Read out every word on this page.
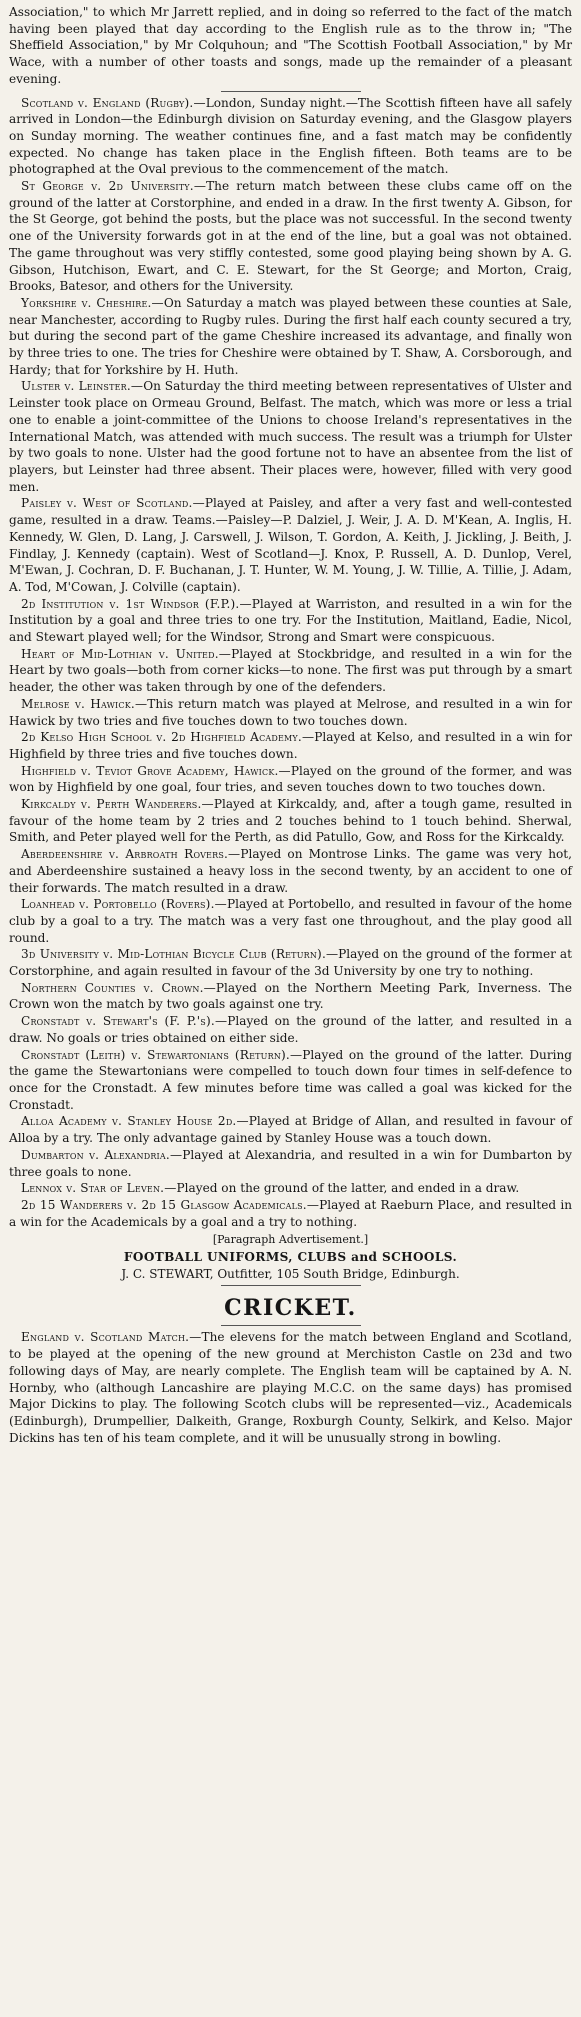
Association," to which Mr Jarrett replied, and in doing so referred to the fact of the match having been played that day according to the English rule as to the throw in; "The Sheffield Association," by Mr Colquhoun; and "The Scottish Football Association," by Mr Wace, with a number of other toasts and songs, made up the remainder of a pleasant evening.

Scotland v. England (Rugby).—London, Sunday night.—The Scottish fifteen have all safely arrived in London—the Edinburgh division on Saturday evening, and the Glasgow players on Sunday morning. The weather continues fine, and a fast match may be confidently expected. No change has taken place in the English fifteen. Both teams are to be photographed at the Oval previous to the commencement of the match.

St George v. 2d University.—The return match between these clubs came off on the ground of the latter at Corstorphine, and ended in a draw. In the first twenty A. Gibson, for the St George, got behind the posts, but the place was not successful. In the second twenty one of the University forwards got in at the end of the line, but a goal was not obtained. The game throughout was very stiffly contested, some good playing being shown by A. G. Gibson, Hutchison, Ewart, and C. E. Stewart, for the St George; and Morton, Craig, Brooks, Batesor, and others for the University.

Yorkshire v. Cheshire.—On Saturday a match was played between these counties at Sale, near Manchester, according to Rugby rules. During the first half each county secured a try, but during the second part of the game Cheshire increased its advantage, and finally won by three tries to one. The tries for Cheshire were obtained by T. Shaw, A. Corsborough, and Hardy; that for Yorkshire by H. Huth.

Ulster v. Leinster.—On Saturday the third meeting between representatives of Ulster and Leinster took place on Ormeau Ground, Belfast. The match, which was more or less a trial one to enable a joint-committee of the Unions to choose Ireland's representatives in the International Match, was attended with much success. The result was a triumph for Ulster by two goals to none. Ulster had the good fortune not to have an absentee from the list of players, but Leinster had three absent. Their places were, however, filled with very good men.

Paisley v. West of Scotland.—Played at Paisley, and after a very fast and well-contested game, resulted in a draw. Teams.—Paisley—P. Dalziel, J. Weir, J. A. D. M'Kean, A. Inglis, H. Kennedy, W. Glen, D. Lang, J. Carswell, J. Wilson, T. Gordon, A. Keith, J. Jickling, J. Beith, J. Findlay, J. Kennedy (captain). West of Scotland—J. Knox, P. Russell, A. D. Dunlop, Verel, M'Ewan, J. Cochran, D. F. Buchanan, J. T. Hunter, W. M. Young, J. W. Tillie, A. Tillie, J. Adam, A. Tod, M'Cowan, J. Colville (captain).

2d Institution v. 1st Windsor (F.P.).—Played at Warriston, and resulted in a win for the Institution by a goal and three tries to one try. For the Institution, Maitland, Eadie, Nicol, and Stewart played well; for the Windsor, Strong and Smart were conspicuous.

Heart of Mid-Lothian v. United.—Played at Stockbridge, and resulted in a win for the Heart by two goals—both from corner kicks—to none. The first was put through by a smart header, the other was taken through by one of the defenders.

Melrose v. Hawick.—This return match was played at Melrose, and resulted in a win for Hawick by two tries and five touches down to two touches down.

2d Kelso High School v. 2d Highfield Academy.—Played at Kelso, and resulted in a win for Highfield by three tries and five touches down.

Highfield v. Teviot Grove Academy, Hawick.—Played on the ground of the former, and was won by Highfield by one goal, four tries, and seven touches down to two touches down.

Kirkcaldy v. Perth Wanderers.—Played at Kirkcaldy, and, after a tough game, resulted in favour of the home team by 2 tries and 2 touches behind to 1 touch behind. Sherwal, Smith, and Peter played well for the Perth, as did Patullo, Gow, and Ross for the Kirkcaldy.

Aberdeenshire v. Arbroath Rovers.—Played on Montrose Links. The game was very hot, and Aberdeenshire sustained a heavy loss in the second twenty, by an accident to one of their forwards. The match resulted in a draw.

Loanhead v. Portobello (Rovers).—Played at Portobello, and resulted in favour of the home club by a goal to a try. The match was a very fast one throughout, and the play good all round.

3d University v. Mid-Lothian Bicycle Club (Return).—Played on the ground of the former at Corstorphine, and again resulted in favour of the 3d University by one try to nothing.

Northern Counties v. Crown.—Played on the Northern Meeting Park, Inverness. The Crown won the match by two goals against one try.

Cronstadt v. Stewart's (F. P.'s).—Played on the ground of the latter, and resulted in a draw. No goals or tries obtained on either side.

Cronstadt (Leith) v. Stewartonians (Return).—Played on the ground of the latter. During the game the Stewartonians were compelled to touch down four times in self-defence to once for the Cronstadt. A few minutes before time was called a goal was kicked for the Cronstadt.

Alloa Academy v. Stanley House 2d.—Played at Bridge of Allan, and resulted in favour of Alloa by a try. The only advantage gained by Stanley House was a touch down.

Dumbarton v. Alexandria.—Played at Alexandria, and resulted in a win for Dumbarton by three goals to none.

Lennox v. Star of Leven.—Played on the ground of the latter, and ended in a draw.

2d 15 Wanderers v. 2d 15 Glasgow Academicals.—Played at Raeburn Place, and resulted in a win for the Academicals by a goal and a try to nothing.

[Paragraph Advertisement.]
FOOTBALL UNIFORMS, CLUBS and SCHOOLS.
J. C. STEWART, Outfitter, 105 South Bridge, Edinburgh.
CRICKET.

England v. Scotland Match.—The elevens for the match between England and Scotland, to be played at the opening of the new ground at Merchiston Castle on 23d and two following days of May, are nearly complete. The English team will be captained by A. N. Hornby, who (although Lancashire are playing M.C.C. on the same days) has promised Major Dickins to play. The following Scotch clubs will be represented—viz., Academicals (Edinburgh), Drumpellier, Dalkeith, Grange, Roxburgh County, Selkirk, and Kelso. Major Dickins has ten of his team complete, and it will be unusually strong in bowling.
